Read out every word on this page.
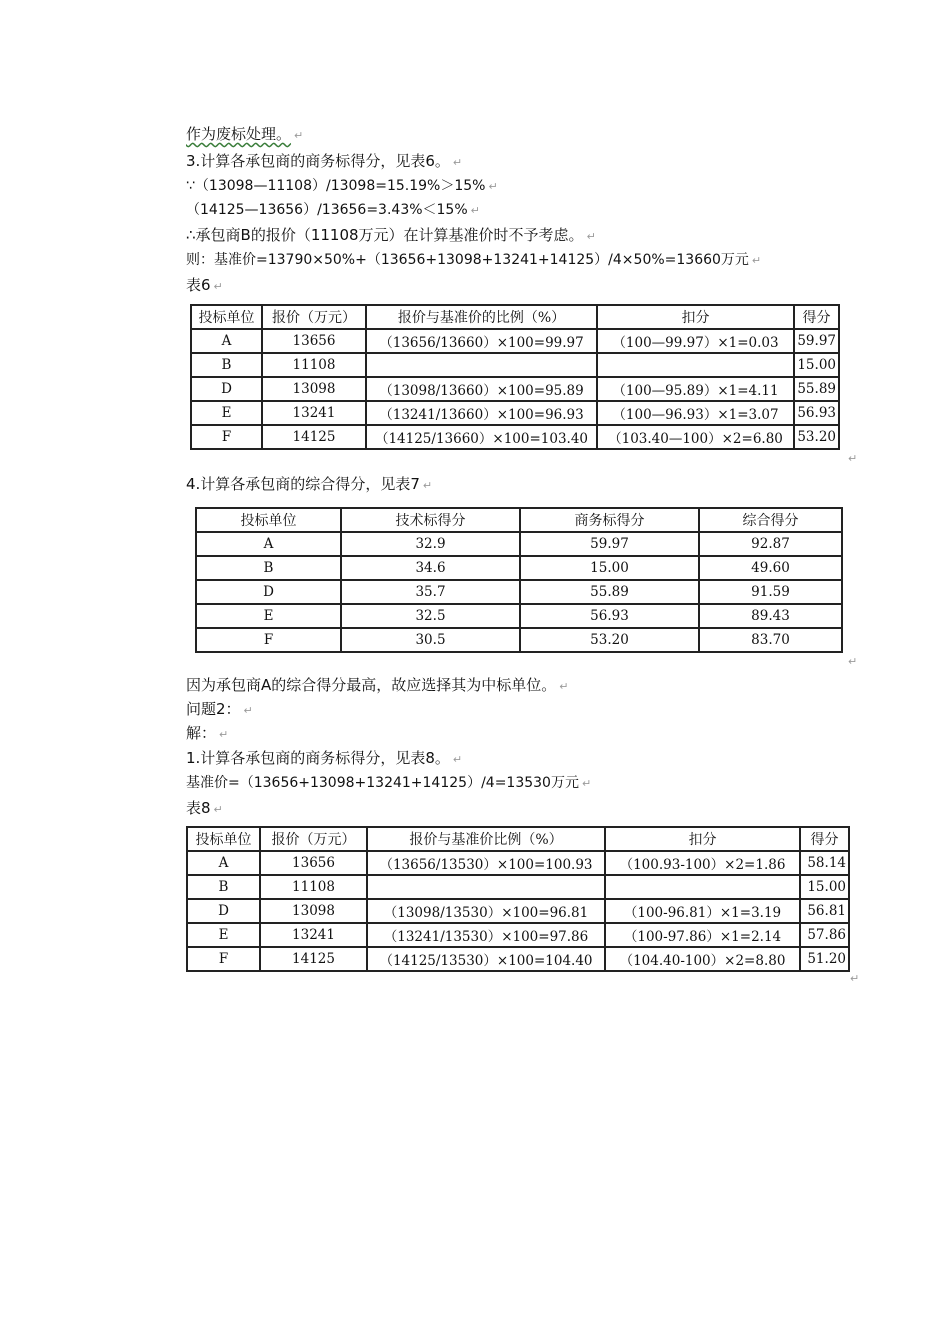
作为废标处理。 ↵
3.计算各承包商的商务标得分，见表6。 ↵
∵（13098—11108）/13098=15.19%＞15% ↵
（14125—13656）/13656=3.43%＜15% ↵
∴承包商B的报价（11108万元）在计算基准价时不予考虑。 ↵
则：基准价=13790×50%+（13656+13098+13241+14125）/4×50%=13660万元 ↵
表6 ↵
投标单位	报价（万元）	报价与基准价的比例（%）	扣分	得分
A	13656	（13656/13660）×100=99.97	（100—99.97）×1=0.03	59.97
B	11108			15.00
D	13098	（13098/13660）×100=95.89	（100—95.89）×1=4.11	55.89
E	13241	（13241/13660）×100=96.93	（100—96.93）×1=3.07	56.93
F	14125	（14125/13660）×100=103.40	（103.40—100）×2=6.80	53.20
↵
4.计算各承包商的综合得分，见表7 ↵
投标单位	技术标得分	商务标得分	综合得分
A	32.9	59.97	92.87
B	34.6	15.00	49.60
D	35.7	55.89	91.59
E	32.5	56.93	89.43
F	30.5	53.20	83.70
↵
因为承包商A的综合得分最高，故应选择其为中标单位。 ↵
问题2： ↵
解： ↵
1.计算各承包商的商务标得分，见表8。 ↵
基准价=（13656+13098+13241+14125）/4=13530万元 ↵
表8 ↵
投标单位	报价（万元）	报价与基准价比例（%）	扣分	得分
A	13656	（13656/13530）×100=100.93	（100.93-100）×2=1.86	58.14
B	11108			15.00
D	13098	（13098/13530）×100=96.81	（100-96.81）×1=3.19	56.81
E	13241	（13241/13530）×100=97.86	（100-97.86）×1=2.14	57.86
F	14125	（14125/13530）×100=104.40	（104.40-100）×2=8.80	51.20
↵
